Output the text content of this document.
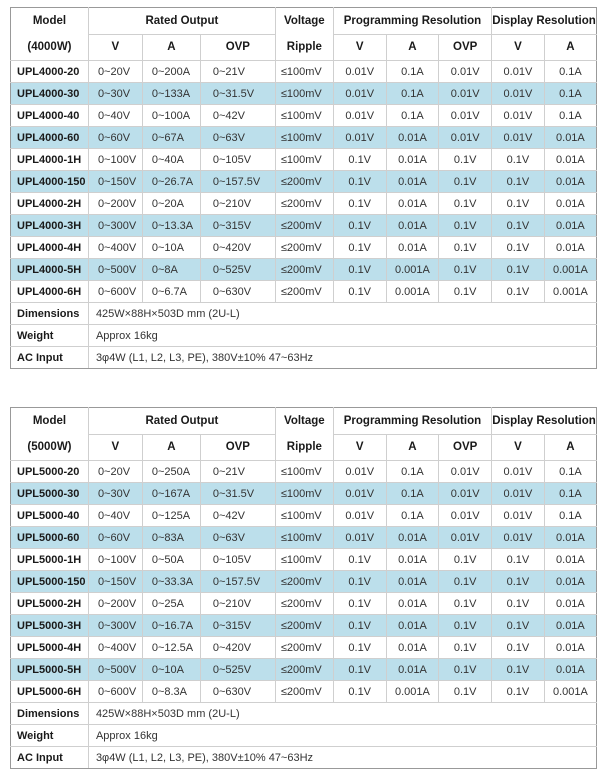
Model
(4000W)
	Rated Output	Voltage
Ripple
	Programming Resolution	Display Resolution
	V	A	OVP		V	A	OVP	V	A
UPL4000-20	0~20V	0~200A	0~21V	≤100mV	0.01V	0.1A	0.01V	0.01V	0.1A
UPL4000-30	0~30V	0~133A	0~31.5V	≤100mV	0.01V	0.1A	0.01V	0.01V	0.1A
UPL4000-40	0~40V	0~100A	0~42V	≤100mV	0.01V	0.1A	0.01V	0.01V	0.1A
UPL4000-60	0~60V	0~67A	0~63V	≤100mV	0.01V	0.01A	0.01V	0.01V	0.01A
UPL4000-1H	0~100V	0~40A	0~105V	≤100mV	0.1V	0.01A	0.1V	0.1V	0.01A
UPL4000-150	0~150V	0~26.7A	0~157.5V	≤200mV	0.1V	0.01A	0.1V	0.1V	0.01A
UPL4000-2H	0~200V	0~20A	0~210V	≤200mV	0.1V	0.01A	0.1V	0.1V	0.01A
UPL4000-3H	0~300V	0~13.3A	0~315V	≤200mV	0.1V	0.01A	0.1V	0.1V	0.01A
UPL4000-4H	0~400V	0~10A	0~420V	≤200mV	0.1V	0.01A	0.1V	0.1V	0.01A
UPL4000-5H	0~500V	0~8A	0~525V	≤200mV	0.1V	0.001A	0.1V	0.1V	0.001A
UPL4000-6H	0~600V	0~6.7A	0~630V	≤200mV	0.1V	0.001A	0.1V	0.1V	0.001A
Dimensions	425W×88H×503D mm (2U-L)								
Weight	Approx 16kg								
AC Input	3φ4W (L1, L2, L3, PE), 380V±10% 47~63Hz								
Model
(5000W)
	Rated Output	Voltage
Ripple
	Programming Resolution	Display Resolution
	V	A	OVP		V	A	OVP	V	A
UPL5000-20	0~20V	0~250A	0~21V	≤100mV	0.01V	0.1A	0.01V	0.01V	0.1A
UPL5000-30	0~30V	0~167A	0~31.5V	≤100mV	0.01V	0.1A	0.01V	0.01V	0.1A
UPL5000-40	0~40V	0~125A	0~42V	≤100mV	0.01V	0.1A	0.01V	0.01V	0.1A
UPL5000-60	0~60V	0~83A	0~63V	≤100mV	0.01V	0.01A	0.01V	0.01V	0.01A
UPL5000-1H	0~100V	0~50A	0~105V	≤100mV	0.1V	0.01A	0.1V	0.1V	0.01A
UPL5000-150	0~150V	0~33.3A	0~157.5V	≤200mV	0.1V	0.01A	0.1V	0.1V	0.01A
UPL5000-2H	0~200V	0~25A	0~210V	≤200mV	0.1V	0.01A	0.1V	0.1V	0.01A
UPL5000-3H	0~300V	0~16.7A	0~315V	≤200mV	0.1V	0.01A	0.1V	0.1V	0.01A
UPL5000-4H	0~400V	0~12.5A	0~420V	≤200mV	0.1V	0.01A	0.1V	0.1V	0.01A
UPL5000-5H	0~500V	0~10A	0~525V	≤200mV	0.1V	0.01A	0.1V	0.1V	0.01A
UPL5000-6H	0~600V	0~8.3A	0~630V	≤200mV	0.1V	0.001A	0.1V	0.1V	0.001A
Dimensions	425W×88H×503D mm (2U-L)								
Weight	Approx 16kg								
AC Input	3φ4W (L1, L2, L3, PE), 380V±10% 47~63Hz								
